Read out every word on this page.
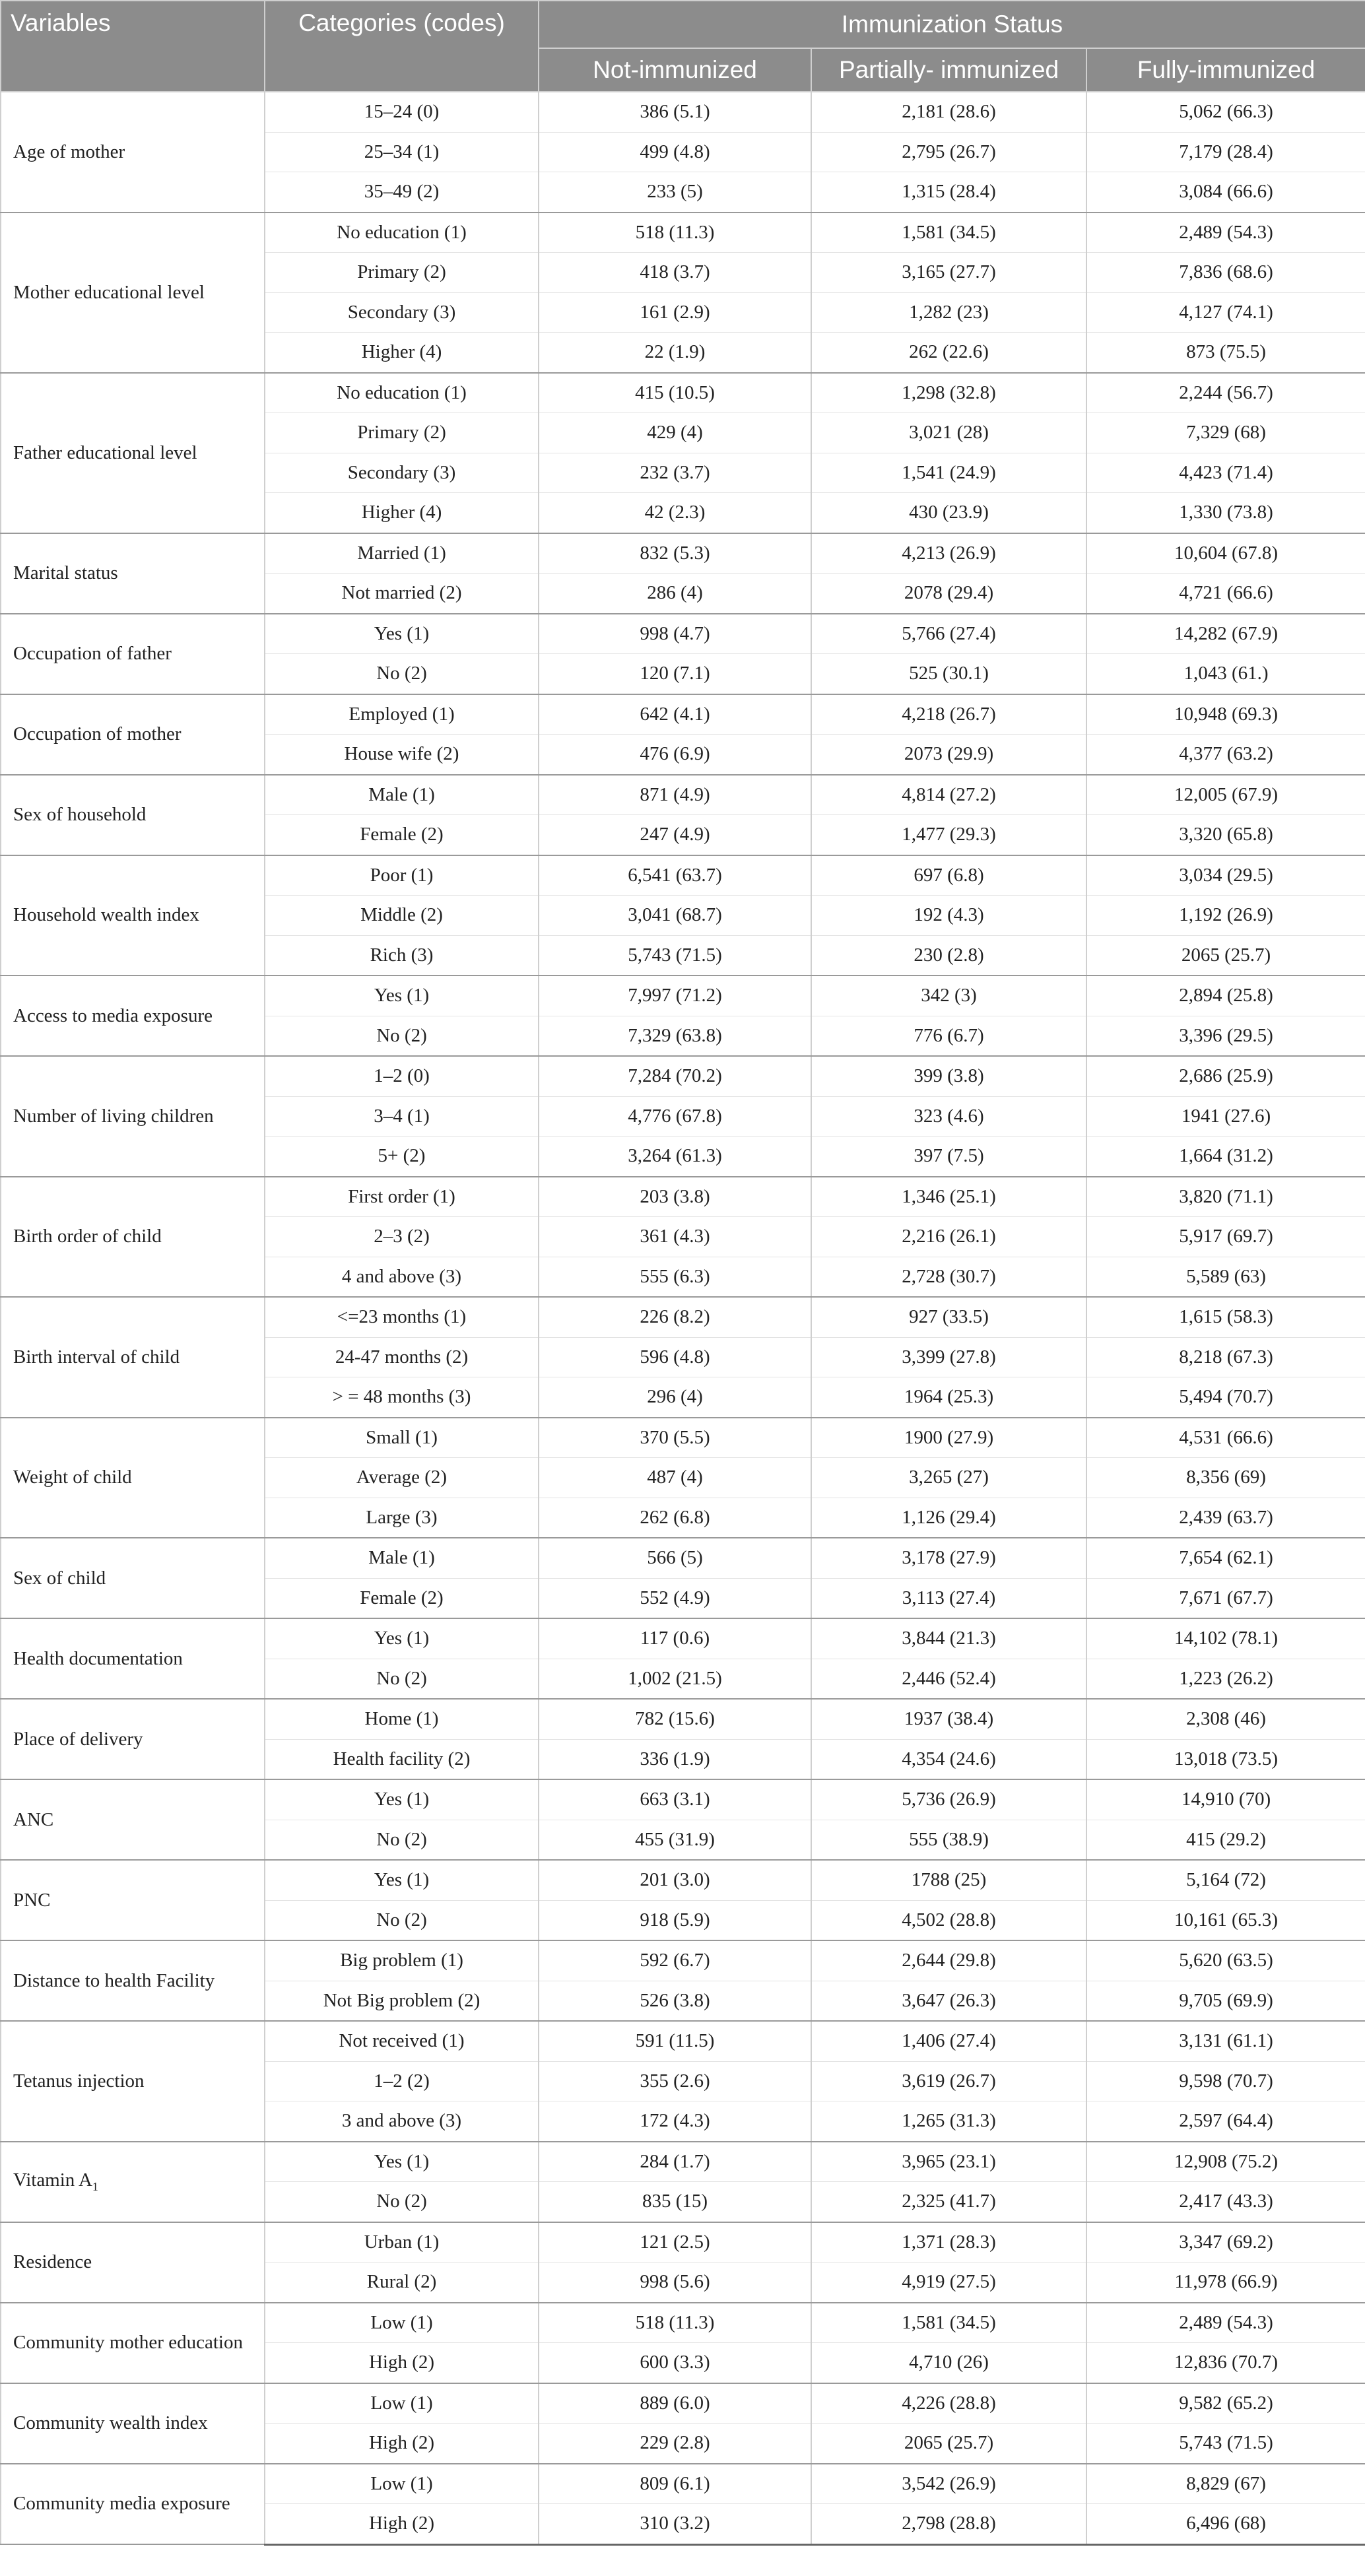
Variables	Categories (codes)	Immunization Status		
		Not-immunized	Partially- immunized	Fully-immunized
Age of mother	15–24 (0)	386 (5.1)	2,181 (28.6)	5,062 (66.3)
	25–34 (1)	499 (4.8)	2,795 (26.7)	7,179 (28.4)
	35–49 (2)	233 (5)	1,315 (28.4)	3,084 (66.6)
Mother educational level	No education (1)	518 (11.3)	1,581 (34.5)	2,489 (54.3)
	Primary (2)	418 (3.7)	3,165 (27.7)	7,836 (68.6)
	Secondary (3)	161 (2.9)	1,282 (23)	4,127 (74.1)
	Higher (4)	22 (1.9)	262 (22.6)	873 (75.5)
Father educational level	No education (1)	415 (10.5)	1,298 (32.8)	2,244 (56.7)
	Primary (2)	429 (4)	3,021 (28)	7,329 (68)
	Secondary (3)	232 (3.7)	1,541 (24.9)	4,423 (71.4)
	Higher (4)	42 (2.3)	430 (23.9)	1,330 (73.8)
Marital status	Married (1)	832 (5.3)	4,213 (26.9)	10,604 (67.8)
	Not married (2)	286 (4)	2078 (29.4)	4,721 (66.6)
Occupation of father	Yes (1)	998 (4.7)	5,766 (27.4)	14,282 (67.9)
	No (2)	120 (7.1)	525 (30.1)	1,043 (61.)
Occupation of mother	Employed (1)	642 (4.1)	4,218 (26.7)	10,948 (69.3)
	House wife (2)	476 (6.9)	2073 (29.9)	4,377 (63.2)
Sex of household	Male (1)	871 (4.9)	4,814 (27.2)	12,005 (67.9)
	Female (2)	247 (4.9)	1,477 (29.3)	3,320 (65.8)
Household wealth index	Poor (1)	6,541 (63.7)	697 (6.8)	3,034 (29.5)
	Middle (2)	3,041 (68.7)	192 (4.3)	1,192 (26.9)
	Rich (3)	5,743 (71.5)	230 (2.8)	2065 (25.7)
Access to media exposure	Yes (1)	7,997 (71.2)	342 (3)	2,894 (25.8)
	No (2)	7,329 (63.8)	776 (6.7)	3,396 (29.5)
Number of living children	1–2 (0)	7,284 (70.2)	399 (3.8)	2,686 (25.9)
	3–4 (1)	4,776 (67.8)	323 (4.6)	1941 (27.6)
	5+ (2)	3,264 (61.3)	397 (7.5)	1,664 (31.2)
Birth order of child	First order (1)	203 (3.8)	1,346 (25.1)	3,820 (71.1)
	2–3 (2)	361 (4.3)	2,216 (26.1)	5,917 (69.7)
	4 and above (3)	555 (6.3)	2,728 (30.7)	5,589 (63)
Birth interval of child	<=23 months (1)	226 (8.2)	927 (33.5)	1,615 (58.3)
	24-47 months (2)	596 (4.8)	3,399 (27.8)	8,218 (67.3)
	> = 48 months (3)	296 (4)	1964 (25.3)	5,494 (70.7)
Weight of child	Small (1)	370 (5.5)	1900 (27.9)	4,531 (66.6)
	Average (2)	487 (4)	3,265 (27)	8,356 (69)
	Large (3)	262 (6.8)	1,126 (29.4)	2,439 (63.7)
Sex of child	Male (1)	566 (5)	3,178 (27.9)	7,654 (62.1)
	Female (2)	552 (4.9)	3,113 (27.4)	7,671 (67.7)
Health documentation	Yes (1)	117 (0.6)	3,844 (21.3)	14,102 (78.1)
	No (2)	1,002 (21.5)	2,446 (52.4)	1,223 (26.2)
Place of delivery	Home (1)	782 (15.6)	1937 (38.4)	2,308 (46)
	Health facility (2)	336 (1.9)	4,354 (24.6)	13,018 (73.5)
ANC	Yes (1)	663 (3.1)	5,736 (26.9)	14,910 (70)
	No (2)	455 (31.9)	555 (38.9)	415 (29.2)
PNC	Yes (1)	201 (3.0)	1788 (25)	5,164 (72)
	No (2)	918 (5.9)	4,502 (28.8)	10,161 (65.3)
Distance to health Facility	Big problem (1)	592 (6.7)	2,644 (29.8)	5,620 (63.5)
	Not Big problem (2)	526 (3.8)	3,647 (26.3)	9,705 (69.9)
Tetanus injection	Not received (1)	591 (11.5)	1,406 (27.4)	3,131 (61.1)
	1–2 (2)	355 (2.6)	3,619 (26.7)	9,598 (70.7)
	3 and above (3)	172 (4.3)	1,265 (31.3)	2,597 (64.4)
Vitamin $A_1$	Yes (1)	284 (1.7)	3,965 (23.1)	12,908 (75.2)
	No (2)	835 (15)	2,325 (41.7)	2,417 (43.3)
Residence	Urban (1)	121 (2.5)	1,371 (28.3)	3,347 (69.2)
	Rural (2)	998 (5.6)	4,919 (27.5)	11,978 (66.9)
Community mother education	Low (1)	518 (11.3)	1,581 (34.5)	2,489 (54.3)
	High (2)	600 (3.3)	4,710 (26)	12,836 (70.7)
Community wealth index	Low (1)	889 (6.0)	4,226 (28.8)	9,582 (65.2)
	High (2)	229 (2.8)	2065 (25.7)	5,743 (71.5)
Community media exposure	Low (1)	809 (6.1)	3,542 (26.9)	8,829 (67)
	High (2)	310 (3.2)	2,798 (28.8)	6,496 (68)
